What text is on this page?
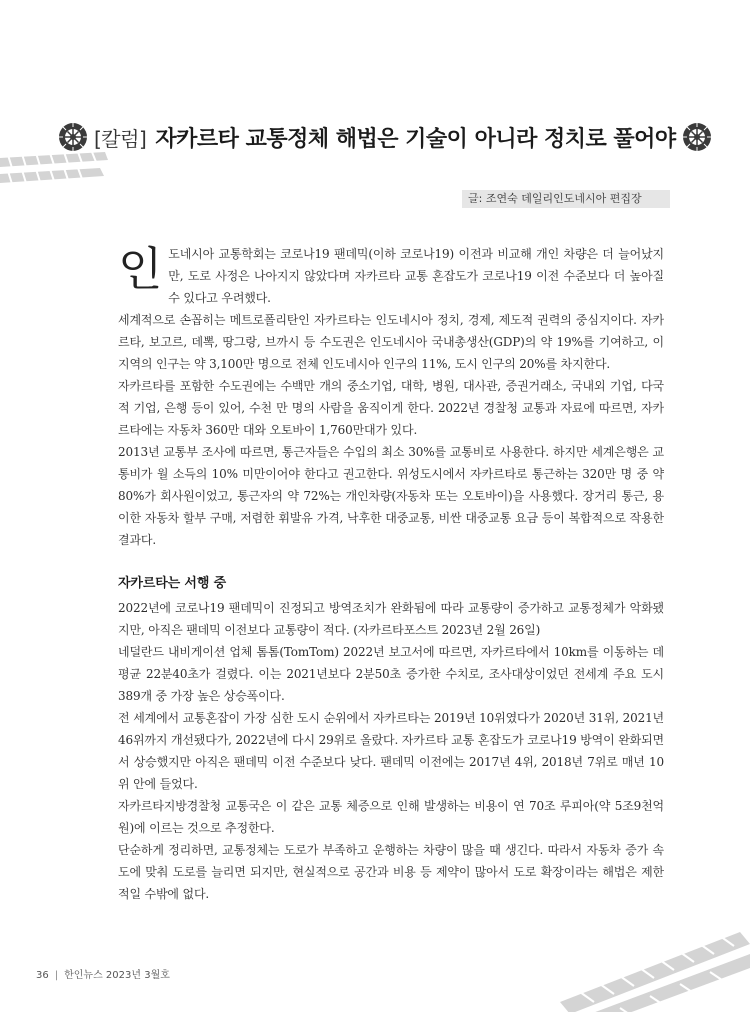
[칼럼] 자카르타 교통정체 해법은 기술이 아니라 정치로 풀어야
글: 조연숙 데일리인도네시아 편집장

인도네시아 교통학회는 코로나19 팬데믹(이하 코로나19) 이전과 비교해 개인 차량은 더 늘어났지만, 도로 사정은 나아지지 않았다며 자카르타 교통 혼잡도가 코로나19 이전 수준보다 더 높아질 수 있다고 우려했다.

세계적으로 손꼽히는 메트로폴리탄인 자카르타는 인도네시아 정치, 경제, 제도적 권력의 중심지이다. 자카르타, 보고르, 데뽁, 땅그랑, 브까시 등 수도권은 인도네시아 국내총생산(GDP)의 약 19%를 기여하고, 이 지역의 인구는 약 3,100만 명으로 전체 인도네시아 인구의 11%, 도시 인구의 20%를 차지한다.

자카르타를 포함한 수도권에는 수백만 개의 중소기업, 대학, 병원, 대사관, 증권거래소, 국내외 기업, 다국적 기업, 은행 등이 있어, 수천 만 명의 사람을 움직이게 한다. 2022년 경찰청 교통과 자료에 따르면, 자카르타에는 자동차 360만 대와 오토바이 1,760만대가 있다.

2013년 교통부 조사에 따르면, 통근자들은 수입의 최소 30%를 교통비로 사용한다. 하지만 세계은행은 교통비가 월 소득의 10% 미만이어야 한다고 권고한다. 위성도시에서 자카르타로 통근하는 320만 명 중 약 80%가 회사원이었고, 통근자의 약 72%는 개인차량(자동차 또는 오토바이)을 사용했다. 장거리 통근, 용이한 자동차 할부 구매, 저렴한 휘발유 가격, 낙후한 대중교통, 비싼 대중교통 요금 등이 복합적으로 작용한 결과다.

자카르타는 서행 중

2022년에 코로나19 팬데믹이 진정되고 방역조치가 완화됨에 따라 교통량이 증가하고 교통정체가 악화됐지만, 아직은 팬데믹 이전보다 교통량이 적다. (자카르타포스트 2023년 2월 26일)

네덜란드 내비게이션 업체 톰톰(TomTom) 2022년 보고서에 따르면, 자카르타에서 10km를 이동하는 데 평균 22분40초가 걸렸다. 이는 2021년보다 2분50초 증가한 수치로, 조사대상이었던 전세계 주요 도시 389개 중 가장 높은 상승폭이다.

전 세계에서 교통혼잡이 가장 심한 도시 순위에서 자카르타는 2019년 10위였다가 2020년 31위, 2021년 46위까지 개선됐다가, 2022년에 다시 29위로 올랐다. 자카르타 교통 혼잡도가 코로나19 방역이 완화되면서 상승했지만 아직은 팬데믹 이전 수준보다 낮다. 팬데믹 이전에는 2017년 4위, 2018년 7위로 매년 10위 안에 들었다.

자카르타지방경찰청 교통국은 이 같은 교통 체증으로 인해 발생하는 비용이 연 70조 루피아(약 5조9천억 원)에 이르는 것으로 추정한다.

단순하게 정리하면, 교통정체는 도로가 부족하고 운행하는 차량이 많을 때 생긴다. 따라서 자동차 증가 속도에 맞춰 도로를 늘리면 되지만, 현실적으로 공간과 비용 등 제약이 많아서 도로 확장이라는 해법은 제한적일 수밖에 없다.

36 | 한인뉴스 2023년 3월호
